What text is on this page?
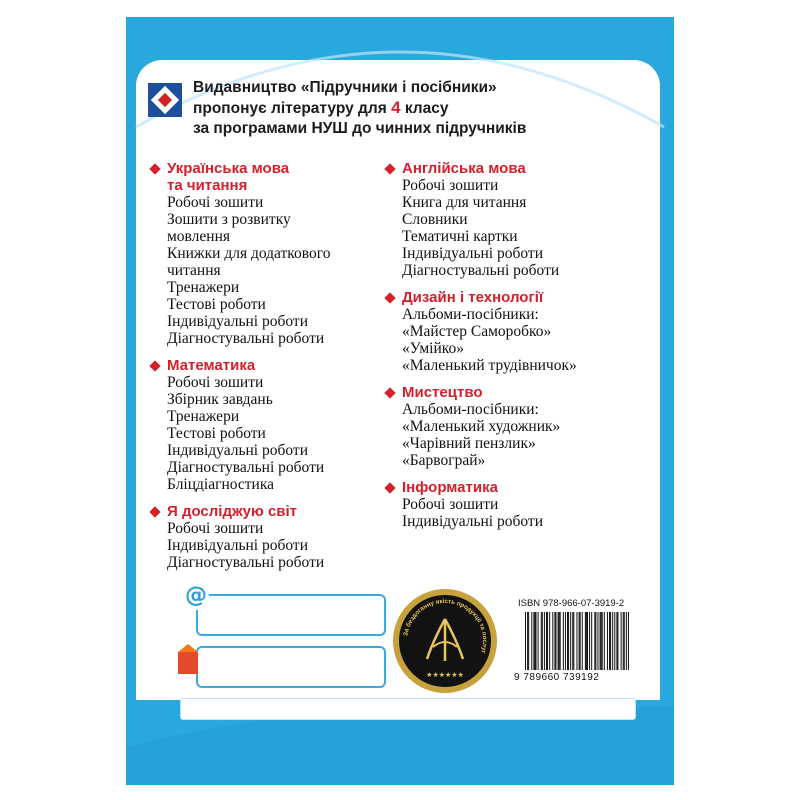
Видавництво «Підручники і посібники»
пропонує літературу для 4 класу
за програмами НУШ до чинних підручників
Українська мова
та читання
Робочі зошити
Зошити з розвитку
мовлення
Книжки для додаткового
читання
Тренажери
Тестові роботи
Індивідуальні роботи
Діагностувальні роботи
Математика
Робочі зошити
Збірник завдань
Тренажери
Тестові роботи
Індивідуальні роботи
Діагностувальні роботи
Бліцдіагностика
Я досліджую світ
Робочі зошити
Індивідуальні роботи
Діагностувальні роботи
Англійська мова
Робочі зошити
Книга для читання
Словники
Тематичні картки
Індивідуальні роботи
Діагностувальні роботи
Дизайн і технології
Альбоми-посібники:
«Майстер Саморобко»
«Умійко»
«Маленький трудівничок»
Мистецтво
Альбоми-посібники:
«Маленький художник»
«Чарівний пензлик»
«Барвограй»
Інформатика
Робочі зошити
Індивідуальні роботи
@
За бездоганну якість продукції та послуг
★★★★★★
ISBN 978-966-07-3919-2
9 789660 739192
